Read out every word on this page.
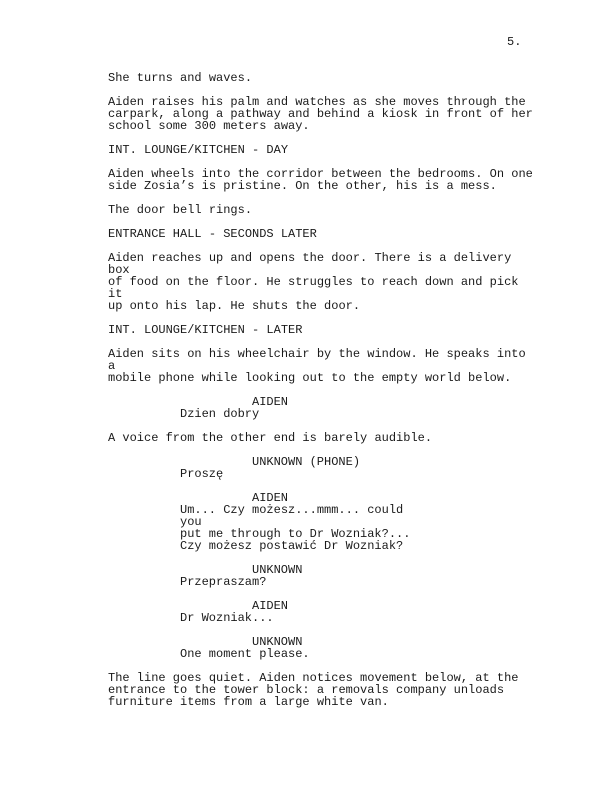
5.
She turns and waves.
Aiden raises his palm and watches as she moves through the
carpark, along a pathway and behind a kiosk in front of her
school some 300 meters away.
INT. LOUNGE/KITCHEN - DAY
Aiden wheels into the corridor between the bedrooms. On one
side Zosia’s is pristine. On the other, his is a mess.
The door bell rings.
ENTRANCE HALL - SECONDS LATER
Aiden reaches up and opens the door. There is a delivery box
of food on the floor. He struggles to reach down and pick it
up onto his lap. He shuts the door.
INT. LOUNGE/KITCHEN - LATER
Aiden sits on his wheelchair by the window. He speaks into a
mobile phone while looking out to the empty world below.
AIDEN
Dzien dobry
A voice from the other end is barely audible.
UNKNOWN (PHONE)
Proszę
AIDEN
Um... Czy możesz...mmm... could you
put me through to Dr Wozniak?...
Czy możesz postawić Dr Wozniak?
UNKNOWN
Przepraszam?
AIDEN
Dr Wozniak...
UNKNOWN
One moment please.
The line goes quiet. Aiden notices movement below, at the
entrance to the tower block: a removals company unloads
furniture items from a large white van.
